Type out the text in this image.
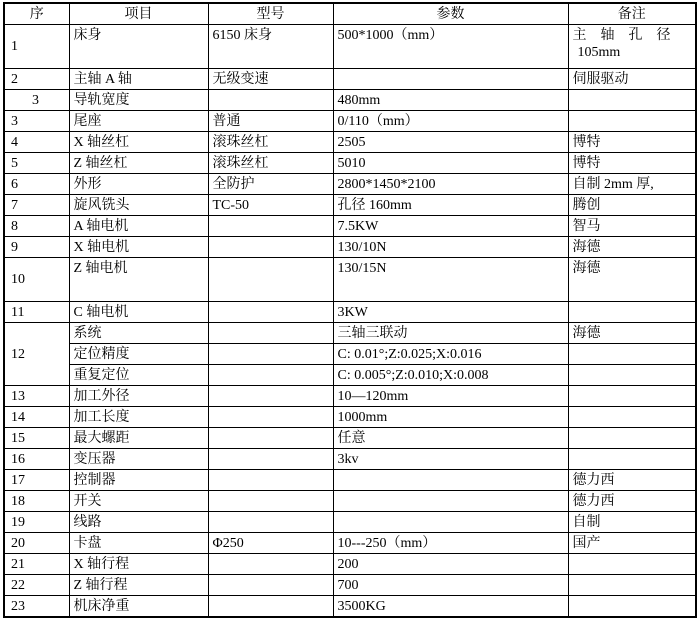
序	项目	型号	参数	备注
1	床身	6150 床身	500*1000（mm）	主　轴　孔　径
105mm

2	主轴 A 轴	无级变速		伺服驱动
3	导轨宽度		480mm	
3	尾座	普通	0/110（mm）	
4	X 轴丝杠	滚珠丝杠	2505	博特
5	Z 轴丝杠	滚珠丝杠	5010	博特
6	外形	全防护	2800*1450*2100	自制 2mm 厚,
7	旋风铣头	TC-50	孔径 160mm	腾创
8	A 轴电机		7.5KW	智马
9	X 轴电机		130/10N	海德
10	Z 轴电机		130/15N	海德
11	C 轴电机		3KW	
12	系统		三轴三联动	海德
	定位精度		C: 0.01°;Z:0.025;X:0.016	
	重复定位		C: 0.005°;Z:0.010;X:0.008	
13	加工外径		10—120mm	
14	加工长度		1000mm	
15	最大螺距		任意	
16	变压器		3kv	
17	控制器			德力西
18	开关			德力西
19	线路			自制
20	卡盘	Φ250	10---250（mm）	国产
21	X 轴行程		200	
22	Z 轴行程		700	
23	机床净重		3500KG	
